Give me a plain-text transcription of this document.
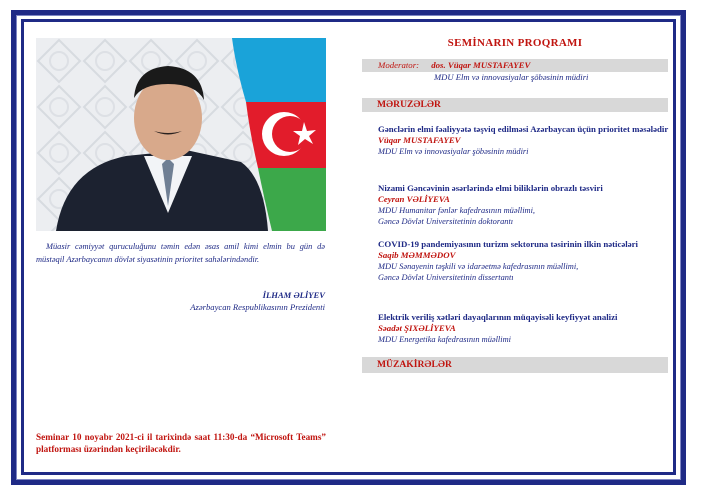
Müasir cəmiyyət quruculuğunu təmin edən əsas amil kimi elmin bu gün də müstəqil Azərbaycanın dövlət siyasətinin prioritet sahələrindəndir.
İLHAM ƏLİYEV
Azərbaycan Respublikasının Prezidenti
Seminar 10 noyabr 2021-ci il tarixində saat 11:30-da “Microsoft Teams” platforması üzərindən keçiriləcəkdir.
SEMİNARIN PROQRAMI
Moderator: dos. Vüqar MUSTAFAYEV
MDU Elm və innovasiyalar şöbəsinin müdiri
MƏRUZƏLƏR
Gənclərin elmi fəaliyyətə təşviq edilməsi Azərbaycan üçün prioritet məsələdir
Vüqar MUSTAFAYEV
MDU Elm və innovasiyalar şöbəsinin müdiri
Nizami Gəncəvinin əsərlərində elmi biliklərin obrazlı təsviri
Ceyran VƏLİYEVA
MDU Humanitar fənlər kafedrasının müəllimi,
Gəncə Dövlət Universitetinin doktorantı
COVID-19 pandemiyasının turizm sektoruna təsirinin ilkin nəticələri
Saqib MƏMMƏDOV
MDU Sənayenin təşkili və idarəetmə kafedrasının müəllimi,
Gəncə Dövlət Universitetinin dissertantı
Elektrik veriliş xətləri dayaqlarının müqayisəli keyfiyyət analizi
Səadət ŞIXƏLİYEVA
MDU Energetika kafedrasının müəllimi
MÜZAKİRƏLƏR
